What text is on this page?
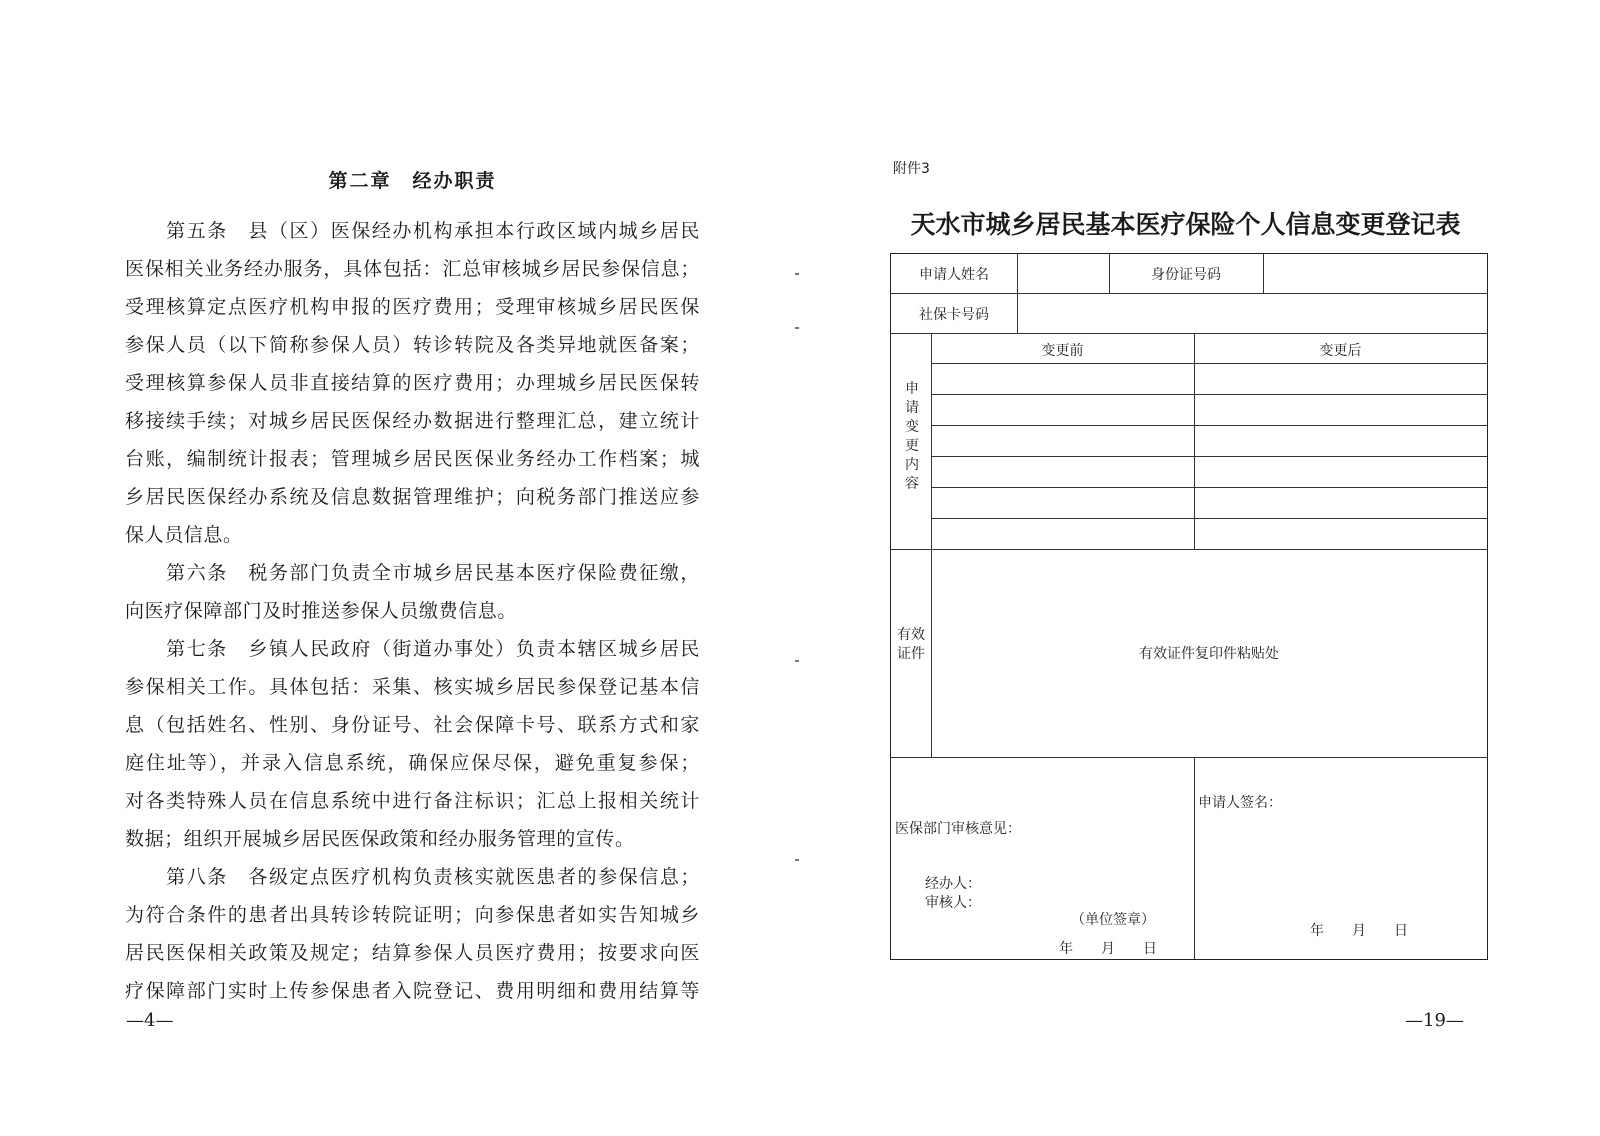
第二章　经办职责
　　第五条　县（区）医保经办机构承担本行政区域内城乡居民
医保相关业务经办服务，具体包括：汇总审核城乡居民参保信息；
受理核算定点医疗机构申报的医疗费用；受理审核城乡居民医保
参保人员（以下简称参保人员）转诊转院及各类异地就医备案；
受理核算参保人员非直接结算的医疗费用；办理城乡居民医保转
移接续手续；对城乡居民医保经办数据进行整理汇总，建立统计
台账，编制统计报表；管理城乡居民医保业务经办工作档案；城
乡居民医保经办系统及信息数据管理维护；向税务部门推送应参
保人员信息。
　　第六条　税务部门负责全市城乡居民基本医疗保险费征缴，
向医疗保障部门及时推送参保人员缴费信息。
　　第七条　乡镇人民政府（街道办事处）负责本辖区城乡居民
参保相关工作。具体包括：采集、核实城乡居民参保登记基本信
息（包括姓名、性别、身份证号、社会保障卡号、联系方式和家
庭住址等），并录入信息系统，确保应保尽保，避免重复参保；
对各类特殊人员在信息系统中进行备注标识；汇总上报相关统计
数据；组织开展城乡居民医保政策和经办服务管理的宣传。
　　第八条　各级定点医疗机构负责核实就医患者的参保信息；
为符合条件的患者出具转诊转院证明；向参保患者如实告知城乡
居民医保相关政策及规定；结算参保人员医疗费用；按要求向医
疗保障部门实时上传参保患者入院登记、费用明细和费用结算等
—4—
附件3
天水市城乡居民基本医疗保险个人信息变更登记表
申请人姓名	身份证号码
社保卡号码
申请变更内容
变更前	变更后
有效证件	有效证件复印件粘贴处
医保部门审核意见：
经办人：
审核人：
（单位签章）
年　　月　　日
申请人签名：
年　　月　　日
—19—
